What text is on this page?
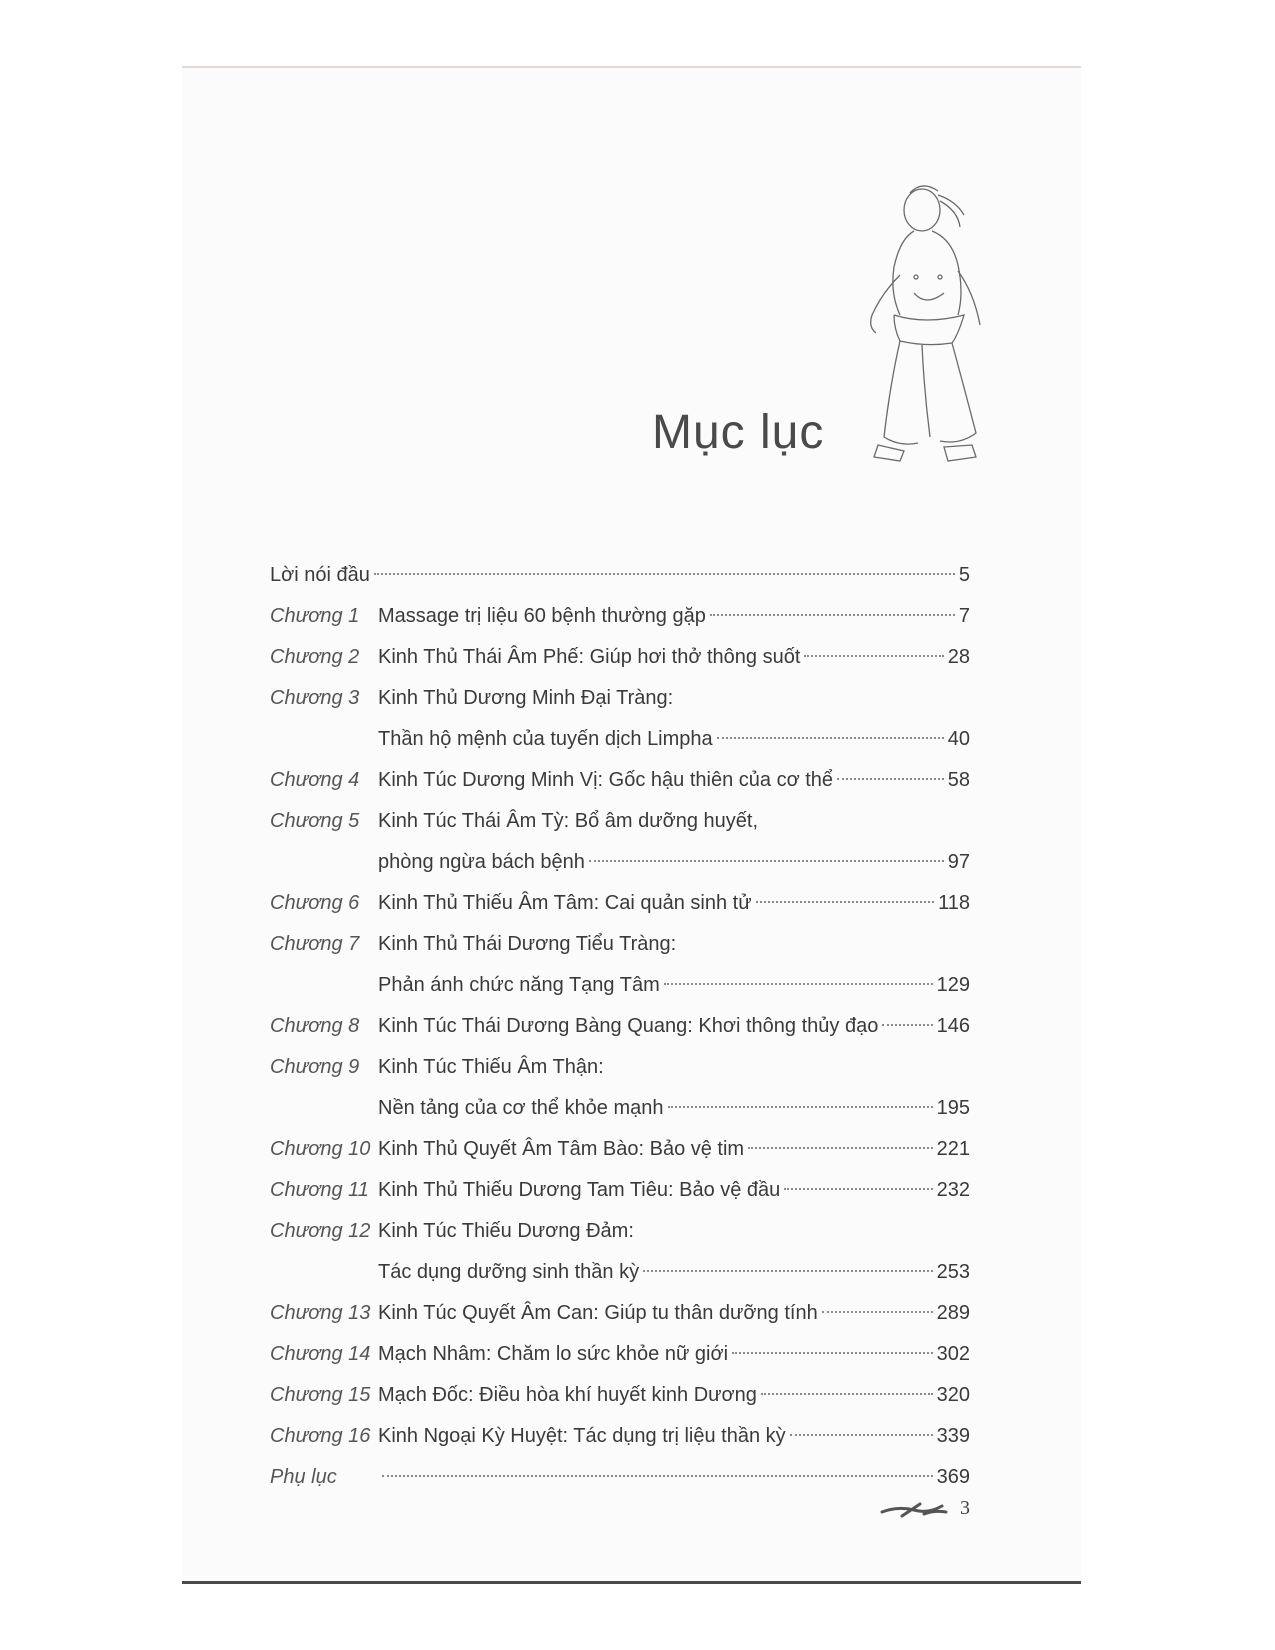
Mục lục
Lời nói đầu	5
Chương 1 Massage trị liệu 60 bệnh thường gặp	7
Chương 2 Kinh Thủ Thái Âm Phế: Giúp hơi thở thông suốt	28
Chương 3 Kinh Thủ Dương Minh Đại Tràng:
Thần hộ mệnh của tuyến dịch Limpha	40
Chương 4 Kinh Túc Dương Minh Vị: Gốc hậu thiên của cơ thể	58
Chương 5 Kinh Túc Thái Âm Tỳ: Bổ âm dưỡng huyết,
phòng ngừa bách bệnh	97
Chương 6 Kinh Thủ Thiếu Âm Tâm: Cai quản sinh tử	118
Chương 7 Kinh Thủ Thái Dương Tiểu Tràng:
Phản ánh chức năng Tạng Tâm	129
Chương 8 Kinh Túc Thái Dương Bàng Quang: Khơi thông thủy đạo	146
Chương 9 Kinh Túc Thiếu Âm Thận:
Nền tảng của cơ thể khỏe mạnh	195
Chương 10 Kinh Thủ Quyết Âm Tâm Bào: Bảo vệ tim	221
Chương 11 Kinh Thủ Thiếu Dương Tam Tiêu: Bảo vệ đầu	232
Chương 12 Kinh Túc Thiếu Dương Đảm:
Tác dụng dưỡng sinh thần kỳ	253
Chương 13 Kinh Túc Quyết Âm Can: Giúp tu thân dưỡng tính	289
Chương 14 Mạch Nhâm: Chăm lo sức khỏe nữ giới	302
Chương 15 Mạch Đốc: Điều hòa khí huyết kinh Dương	320
Chương 16 Kinh Ngoại Kỳ Huyệt: Tác dụng trị liệu thần kỳ	339
Phụ lục	369
3
